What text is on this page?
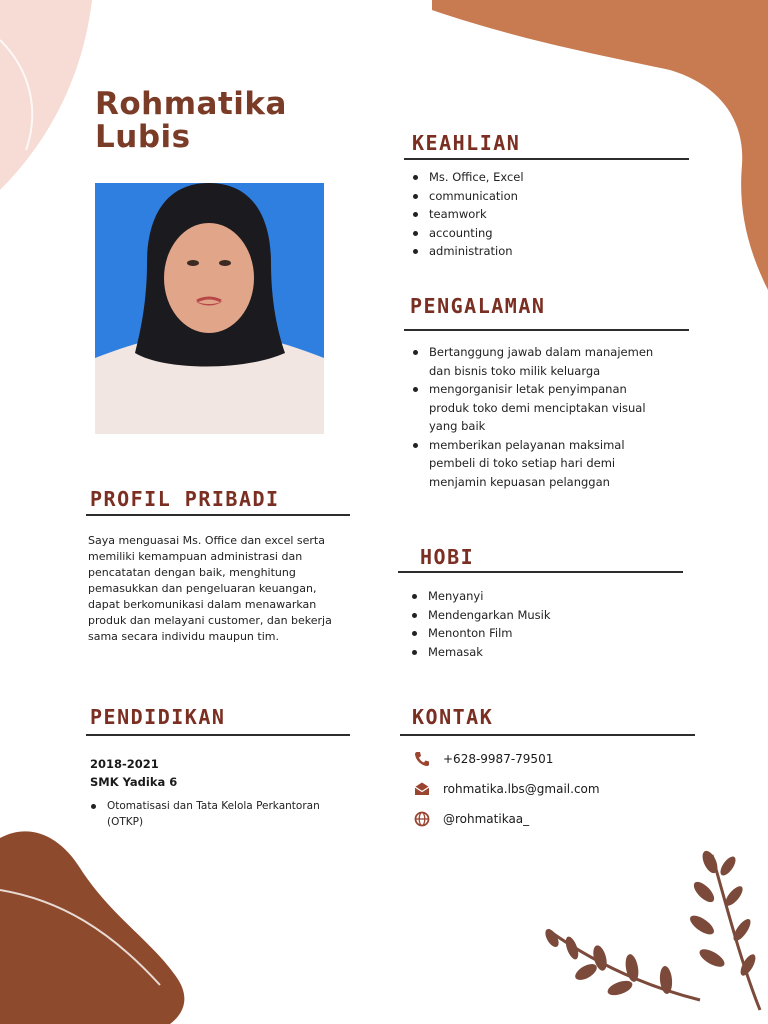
Rohmatika
Lubis	KEAHLIAN
Ms. Office, Excel
communication
teamwork
accounting
administration
PENGALAMAN
Bertanggung jawab dalam manajemen dan bisnis toko milik keluarga
mengorganisir letak penyimpanan produk toko demi menciptakan visual yang baik
memberikan pelayanan maksimal pembeli di toko setiap hari demi menjamin kepuasan pelanggan
PROFIL PRIBADI

Saya menguasai Ms. Office dan excel serta memiliki kemampuan administrasi dan pencatatan dengan baik, menghitung pemasukkan dan pengeluaran keuangan, dapat berkomunikasi dalam menawarkan produk dan melayani customer, dan bekerja sama secara individu maupun tim.

HOBI
Menyanyi
Mendengarkan Musik
Menonton Film
Memasak
PENDIDIKAN

2018-2021

SMK Yadika 6

Otomatisasi dan Tata Kelola Perkantoran (OTKP)
KONTAK
+628-9987-79501
rohmatika.lbs@gmail.com
@rohmatikaa_
